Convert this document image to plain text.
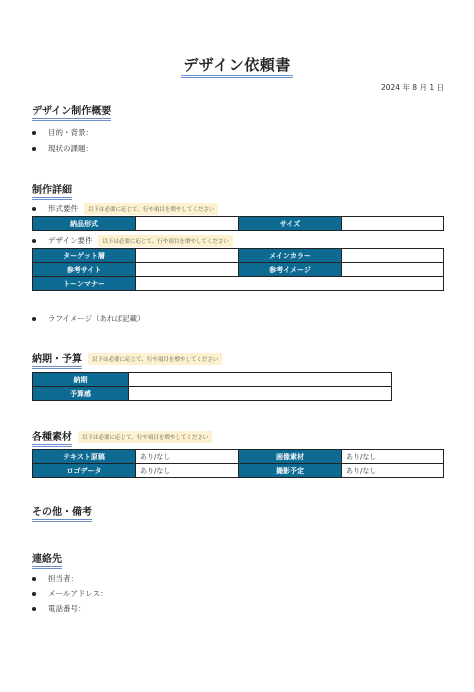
デザイン依頼書
2024 年 8 月 1 日
デザイン制作概要
目的・背景：
現状の課題：
制作詳細
形式要件 以下は必要に応じて、行や項目を増やしてください
納品形式		サイズ	
デザイン要件 以下は必要に応じて、行や項目を増やしてください
ターゲット層		メインカラー	
参考サイト		参考イメージ	
トーンマナー			
ラフイメージ（あれば記載）
納期・予算 以下は必要に応じて、行や項目を増やしてください
納期	
予算感	
各種素材 以下は必要に応じて、行や項目を増やしてください
テキスト原稿	あり/なし	画像素材	あり/なし
ロゴデータ	あり/なし	撮影予定	あり/なし
その他・備考
連絡先
担当者：
メールアドレス：
電話番号：
